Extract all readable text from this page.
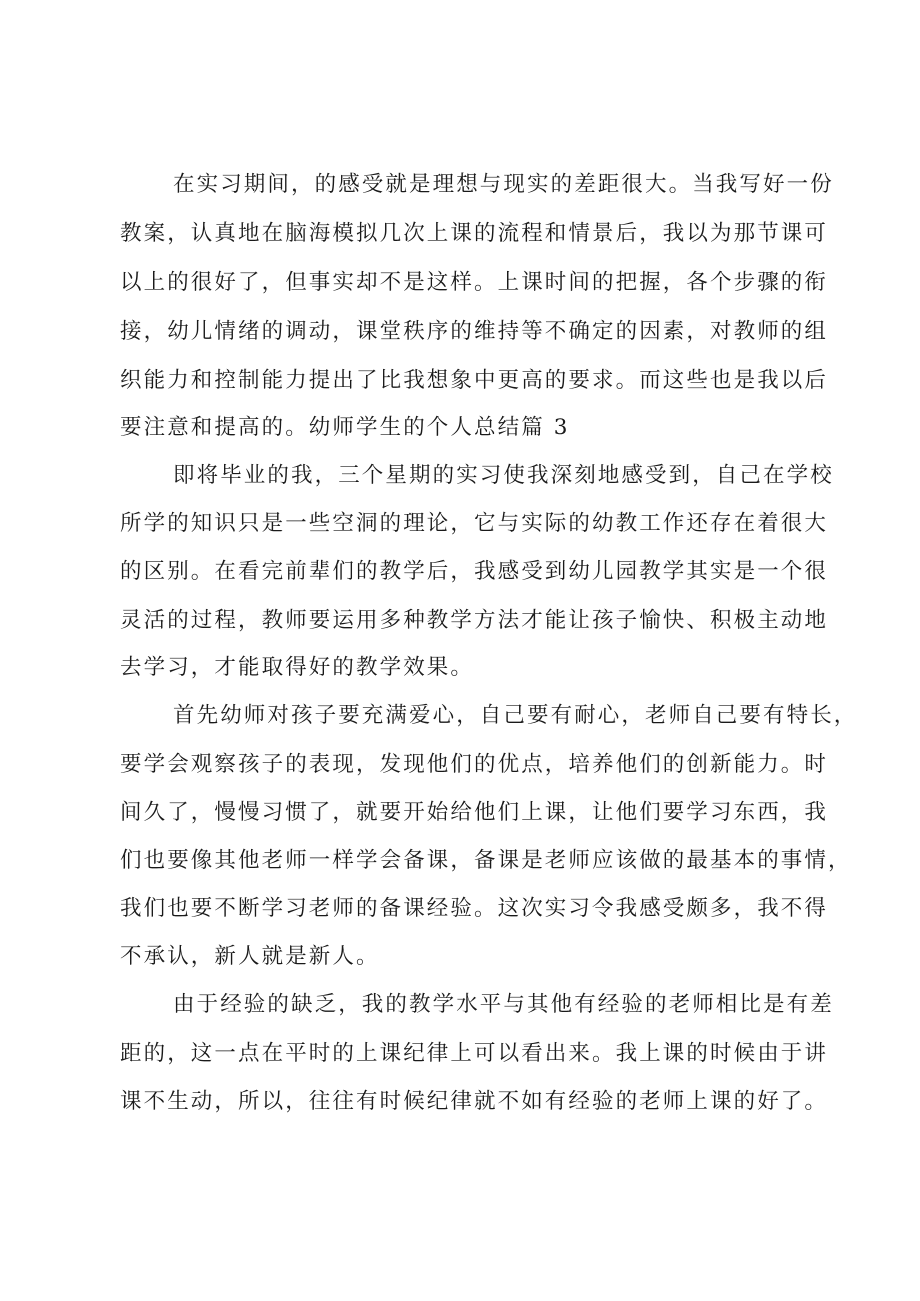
在实习期间，的感受就是理想与现实的差距很大。当我写好一份
教案，认真地在脑海模拟几次上课的流程和情景后，我以为那节课可
以上的很好了，但事实却不是这样。上课时间的把握，各个步骤的衔
接，幼儿情绪的调动，课堂秩序的维持等不确定的因素，对教师的组
织能力和控制能力提出了比我想象中更高的要求。而这些也是我以后
要注意和提高的。幼师学生的个人总结篇 3
即将毕业的我，三个星期的实习使我深刻地感受到，自己在学校
所学的知识只是一些空洞的理论，它与实际的幼教工作还存在着很大
的区别。在看完前辈们的教学后，我感受到幼儿园教学其实是一个很
灵活的过程，教师要运用多种教学方法才能让孩子愉快、积极主动地
去学习，才能取得好的教学效果。
首先幼师对孩子要充满爱心，自己要有耐心，老师自己要有特长，
要学会观察孩子的表现，发现他们的优点，培养他们的创新能力。时
间久了，慢慢习惯了，就要开始给他们上课，让他们要学习东西，我
们也要像其他老师一样学会备课，备课是老师应该做的最基本的事情，
我们也要不断学习老师的备课经验。这次实习令我感受颇多，我不得
不承认，新人就是新人。
由于经验的缺乏，我的教学水平与其他有经验的老师相比是有差
距的，这一点在平时的上课纪律上可以看出来。我上课的时候由于讲
课不生动，所以，往往有时候纪律就不如有经验的老师上课的好了。
